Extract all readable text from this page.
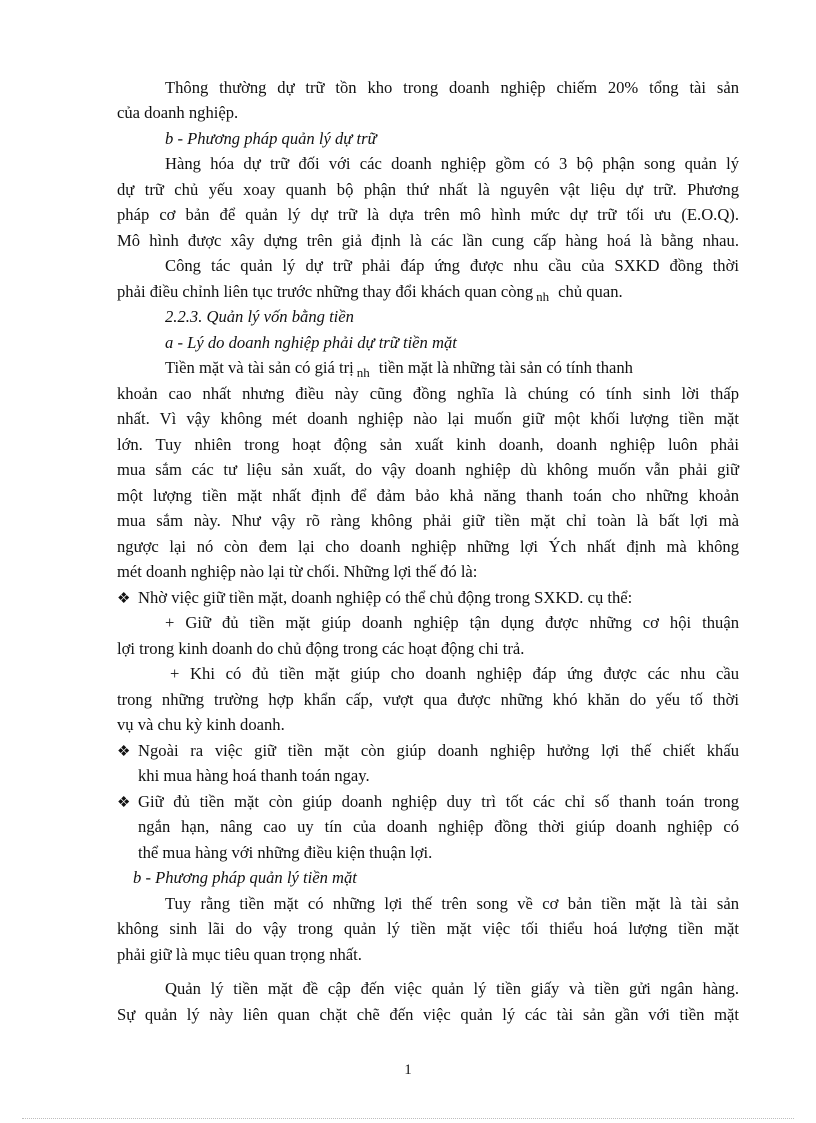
Thông thường dự trữ tồn kho trong doanh nghiệp chiếm 20% tổng tài sản
của doanh nghiệp.
b - Phương pháp quản lý dự trữ
Hàng hóa dự trữ đối với các doanh nghiệp gồm có 3 bộ phận song quản lý
dự trữ chủ yếu xoay quanh bộ phận thứ nhất là nguyên vật liệu dự trữ. Phương
pháp cơ bản để quản lý dự trữ là dựa trên mô hình mức dự trữ tối ưu (E.O.Q).
Mô hình được xây dựng trên giả định là các lần cung cấp hàng hoá là bằng nhau.
Công tác quản lý dự trữ phải đáp ứng được nhu cầu của SXKD đồng thời
phải điều chỉnh liên tục trước những thay đổi khách quan còng $_{nh}$ chủ quan.
2.2.3. Quản lý vốn bằng tiền
a - Lý do doanh nghiệp phải dự trữ tiền mặt
Tiền mặt và tài sản có giá trị $_{nh}$ tiền mặt là những tài sản có tính thanh
khoản cao nhất nhưng điều này cũng đồng nghĩa là chúng có tính sinh lời thấp
nhất. Vì vậy không mét doanh nghiệp nào lại muốn giữ một khối lượng tiền mặt
lớn. Tuy nhiên trong hoạt động sản xuất kinh doanh, doanh nghiệp luôn phải
mua sắm các tư liệu sản xuất, do vậy doanh nghiệp dù không muốn vẫn phải giữ
một lượng tiền mặt nhất định để đảm bảo khả năng thanh toán cho những khoản
mua sắm này. Như vậy rõ ràng không phải giữ tiền mặt chỉ toàn là bất lợi mà
ngược lại nó còn đem lại cho doanh nghiệp những lợi Ých nhất định mà không
mét doanh nghiệp nào lại từ chối. Những lợi thế đó là:
❖ Nhờ việc giữ tiền mặt, doanh nghiệp có thể chủ động trong SXKD. cụ thể:
+ Giữ đủ tiền mặt giúp doanh nghiệp tận dụng được những cơ hội thuận
lợi trong kinh doanh do chủ động trong các hoạt động chi trả.
+ Khi có đủ tiền mặt giúp cho doanh nghiệp đáp ứng được các nhu cầu
trong những trường hợp khẩn cấp, vượt qua được những khó khăn do yếu tố thời
vụ và chu kỳ kinh doanh.
❖ Ngoài ra việc giữ tiền mặt còn giúp doanh nghiệp hưởng lợi thế chiết khấu
khi mua hàng hoá thanh toán ngay.
❖ Giữ đủ tiền mặt còn giúp doanh nghiệp duy trì tốt các chỉ số thanh toán trong
ngắn hạn, nâng cao uy tín của doanh nghiệp đồng thời giúp doanh nghiệp có
thể mua hàng với những điều kiện thuận lợi.
b - Phương pháp quản lý tiền mặt
Tuy rằng tiền mặt có những lợi thế trên song về cơ bản tiền mặt là tài sản
không sinh lãi do vậy trong quản lý tiền mặt việc tối thiểu hoá lượng tiền mặt
phải giữ là mục tiêu quan trọng nhất.
Quản lý tiền mặt đề cập đến việc quản lý tiền giấy và tiền gửi ngân hàng.
Sự quản lý này liên quan chặt chẽ đến việc quản lý các tài sản gần với tiền mặt
1
